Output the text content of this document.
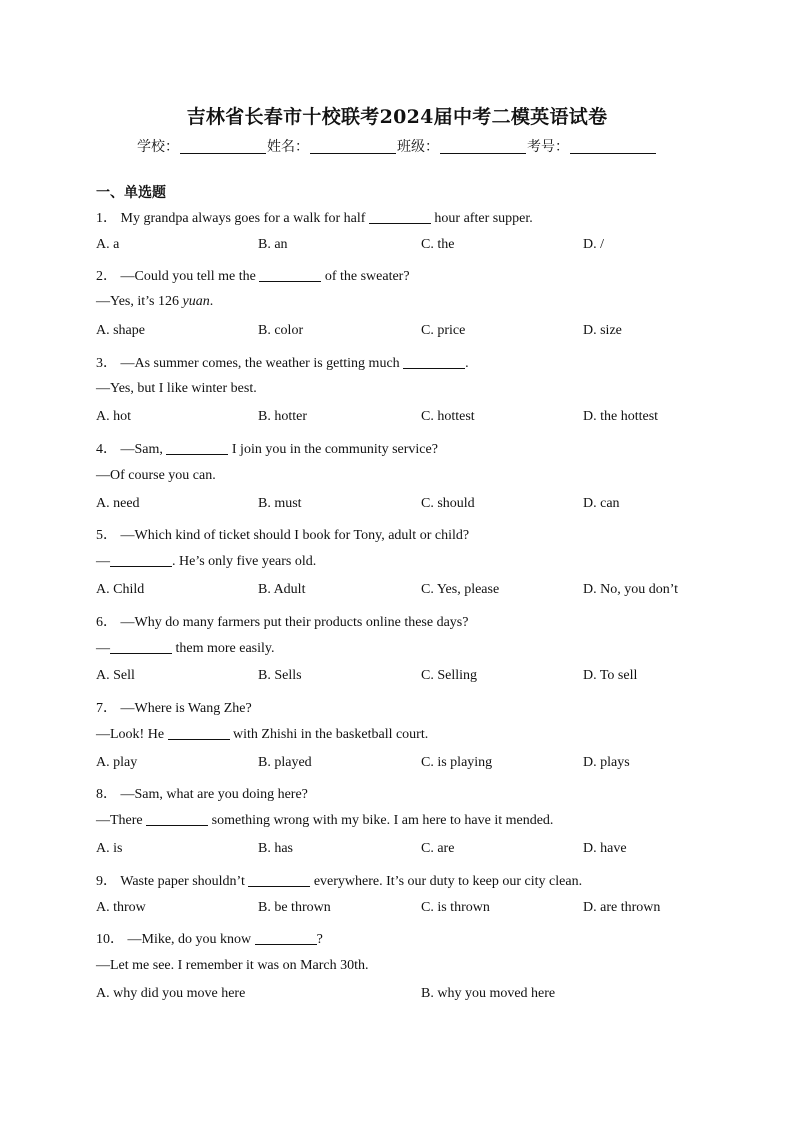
吉林省长春市十校联考2024届中考二模英语试卷
学校：	姓名：	班级：	考号：
一、单选题
1． My grandpa always goes for a walk for half	hour after supper.
A. a	B. an	C. the	D. /
2． —Could you tell me the	of the sweater?
—Yes, it’s 126 yuan.
A. shape	B. color	C. price	D. size
3． —As summer comes, the weather is getting much	.
—Yes, but I like winter best.
A. hot	B. hotter	C. hottest	D. the hottest
4． —Sam,	I join you in the community service?
—Of course you can.
A. need	B. must	C. should	D. can
5． —Which kind of ticket should I book for Tony, adult or child?
—	. He’s only five years old.
A. Child	B. Adult	C. Yes, please	D. No, you don’t
6． —Why do many farmers put their products online these days?
—	them more easily.
A. Sell	B. Sells	C. Selling	D. To sell
7． —Where is Wang Zhe?
—Look! He	with Zhishi in the basketball court.
A. play	B. played	C. is playing	D. plays
8． —Sam, what are you doing here?
—There	something wrong with my bike. I am here to have it mended.
A. is	B. has	C. are	D. have
9． Waste paper shouldn’t	everywhere. It’s our duty to keep our city clean.
A. throw	B. be thrown	C. is thrown	D. are thrown
10． —Mike, do you know	?
—Let me see. I remember it was on March 30th.
A. why did you move here	B. why you moved here
